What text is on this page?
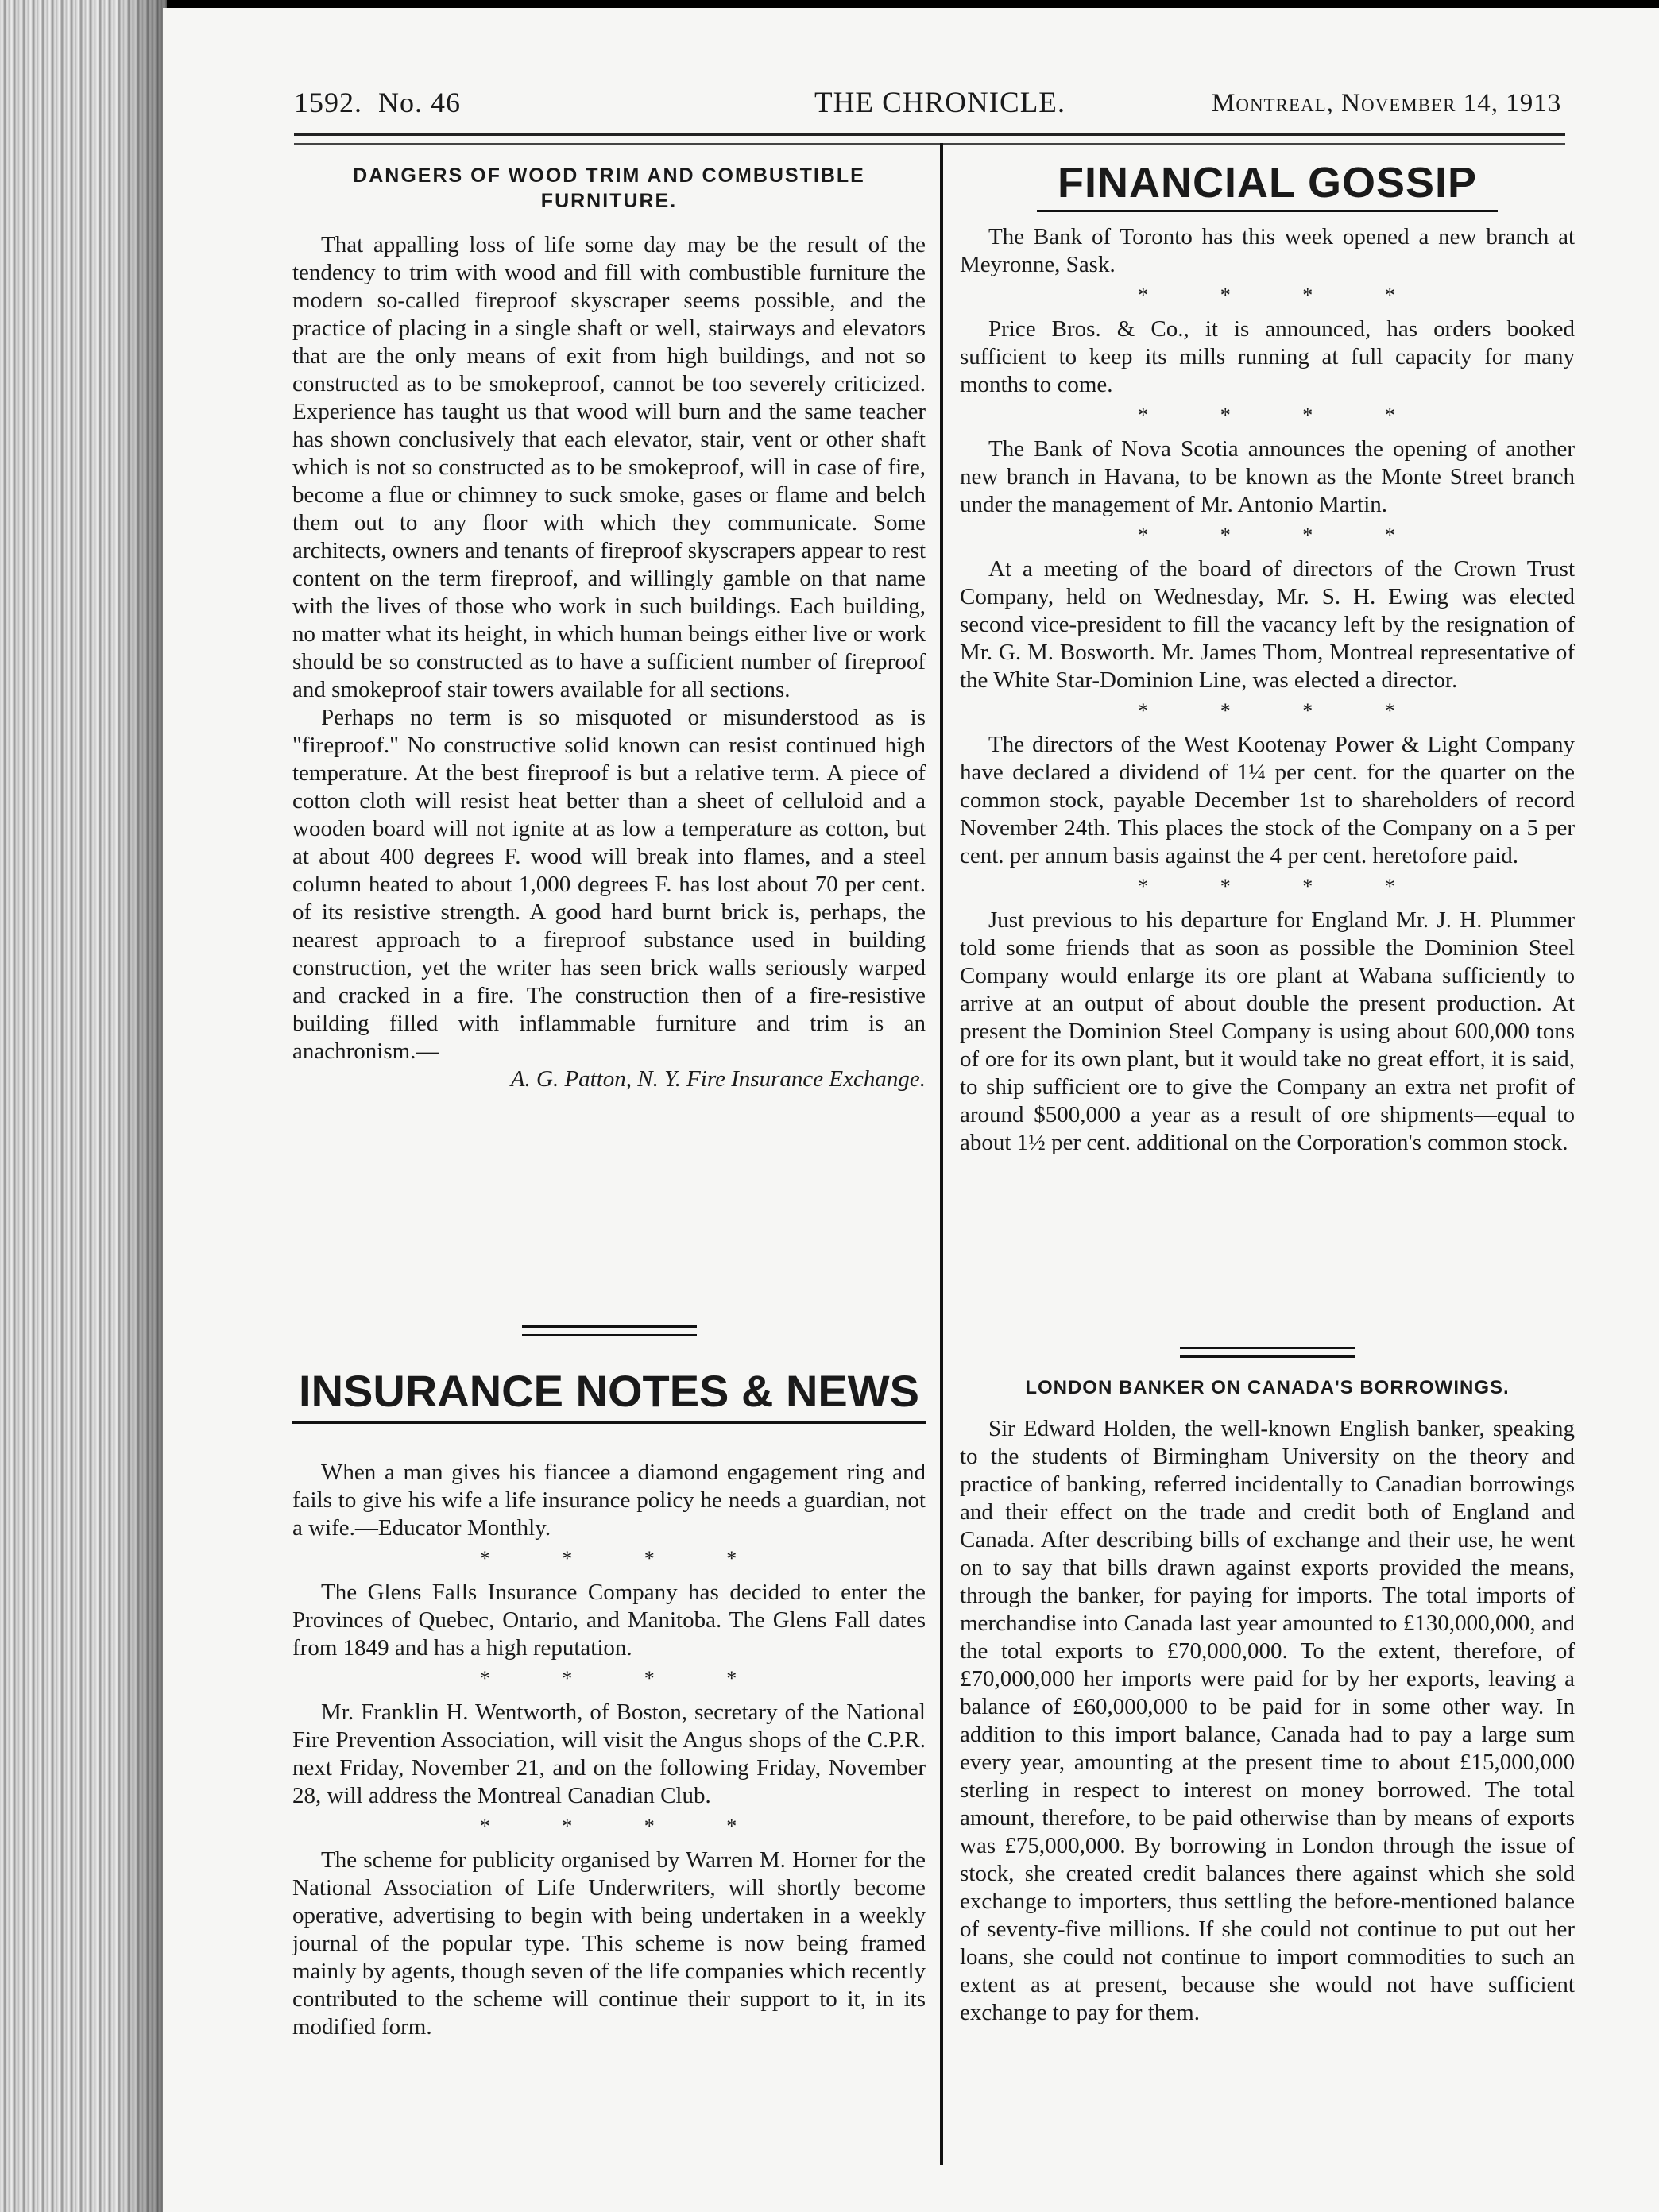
1592. No. 46	THE CHRONICLE.	Montreal, November 14, 1913
DANGERS OF WOOD TRIM AND COMBUSTIBLE FURNITURE.

That appalling loss of life some day may be the result of the tendency to trim with wood and fill with combustible furniture the modern so-called fireproof skyscraper seems possible, and the practice of placing in a single shaft or well, stairways and elevators that are the only means of exit from high buildings, and not so constructed as to be smokeproof, cannot be too severely criticized. Experience has taught us that wood will burn and the same teacher has shown conclusively that each elevator, stair, vent or other shaft which is not so constructed as to be smokeproof, will in case of fire, become a flue or chimney to suck smoke, gases or flame and belch them out to any floor with which they communicate. Some architects, owners and tenants of fireproof skyscrapers appear to rest content on the term fireproof, and willingly gamble on that name with the lives of those who work in such buildings. Each building, no matter what its height, in which human beings either live or work should be so constructed as to have a sufficient number of fireproof and smokeproof stair towers available for all sections.

Perhaps no term is so misquoted or misunderstood as is "fireproof." No constructive solid known can resist continued high temperature. At the best fireproof is but a relative term. A piece of cotton cloth will resist heat better than a sheet of celluloid and a wooden board will not ignite at as low a temperature as cotton, but at about 400 degrees F. wood will break into flames, and a steel column heated to about 1,000 degrees F. has lost about 70 per cent. of its resistive strength. A good hard burnt brick is, perhaps, the nearest approach to a fireproof substance used in building construction, yet the writer has seen brick walls seriously warped and cracked in a fire. The construction then of a fire-resistive building filled with inflammable furniture and trim is an anachronism.—

A. G. Patton, N. Y. Fire Insurance Exchange.

INSURANCE NOTES & NEWS

When a man gives his fiancee a diamond engagement ring and fails to give his wife a life insurance policy he needs a guardian, not a wife.—Educator Monthly.

* * * *

The Glens Falls Insurance Company has decided to enter the Provinces of Quebec, Ontario, and Manitoba. The Glens Fall dates from 1849 and has a high reputation.

* * * *

Mr. Franklin H. Wentworth, of Boston, secretary of the National Fire Prevention Association, will visit the Angus shops of the C.P.R. next Friday, November 21, and on the following Friday, November 28, will address the Montreal Canadian Club.

* * * *

The scheme for publicity organised by Warren M. Horner for the National Association of Life Underwriters, will shortly become operative, advertising to begin with being undertaken in a weekly journal of the popular type. This scheme is now being framed mainly by agents, though seven of the life companies which recently contributed to the scheme will continue their support to it, in its modified form.

FINANCIAL GOSSIP

The Bank of Toronto has this week opened a new branch at Meyronne, Sask.

* * * *

Price Bros. & Co., it is announced, has orders booked sufficient to keep its mills running at full capacity for many months to come.

* * * *

The Bank of Nova Scotia announces the opening of another new branch in Havana, to be known as the Monte Street branch under the management of Mr. Antonio Martin.

* * * *

At a meeting of the board of directors of the Crown Trust Company, held on Wednesday, Mr. S. H. Ewing was elected second vice-president to fill the vacancy left by the resignation of Mr. G. M. Bosworth. Mr. James Thom, Montreal representative of the White Star-Dominion Line, was elected a director.

* * * *

The directors of the West Kootenay Power & Light Company have declared a dividend of 1¼ per cent. for the quarter on the common stock, payable December 1st to shareholders of record November 24th. This places the stock of the Company on a 5 per cent. per annum basis against the 4 per cent. heretofore paid.

* * * *

Just previous to his departure for England Mr. J. H. Plummer told some friends that as soon as possible the Dominion Steel Company would enlarge its ore plant at Wabana sufficiently to arrive at an output of about double the present production. At present the Dominion Steel Company is using about 600,000 tons of ore for its own plant, but it would take no great effort, it is said, to ship sufficient ore to give the Company an extra net profit of around $500,000 a year as a result of ore shipments—equal to about 1½ per cent. additional on the Corporation's common stock.

LONDON BANKER ON CANADA'S BORROWINGS.

Sir Edward Holden, the well-known English banker, speaking to the students of Birmingham University on the theory and practice of banking, referred incidentally to Canadian borrowings and their effect on the trade and credit both of England and Canada. After describing bills of exchange and their use, he went on to say that bills drawn against exports provided the means, through the banker, for paying for imports. The total imports of merchandise into Canada last year amounted to £130,000,000, and the total exports to £70,000,000. To the extent, therefore, of £70,000,000 her imports were paid for by her exports, leaving a balance of £60,000,000 to be paid for in some other way. In addition to this import balance, Canada had to pay a large sum every year, amounting at the present time to about £15,000,000 sterling in respect to interest on money borrowed. The total amount, therefore, to be paid otherwise than by means of exports was £75,000,000. By borrowing in London through the issue of stock, she created credit balances there against which she sold exchange to importers, thus settling the before-mentioned balance of seventy-five millions. If she could not continue to put out her loans, she could not continue to import commodities to such an extent as at present, because she would not have sufficient exchange to pay for them.
